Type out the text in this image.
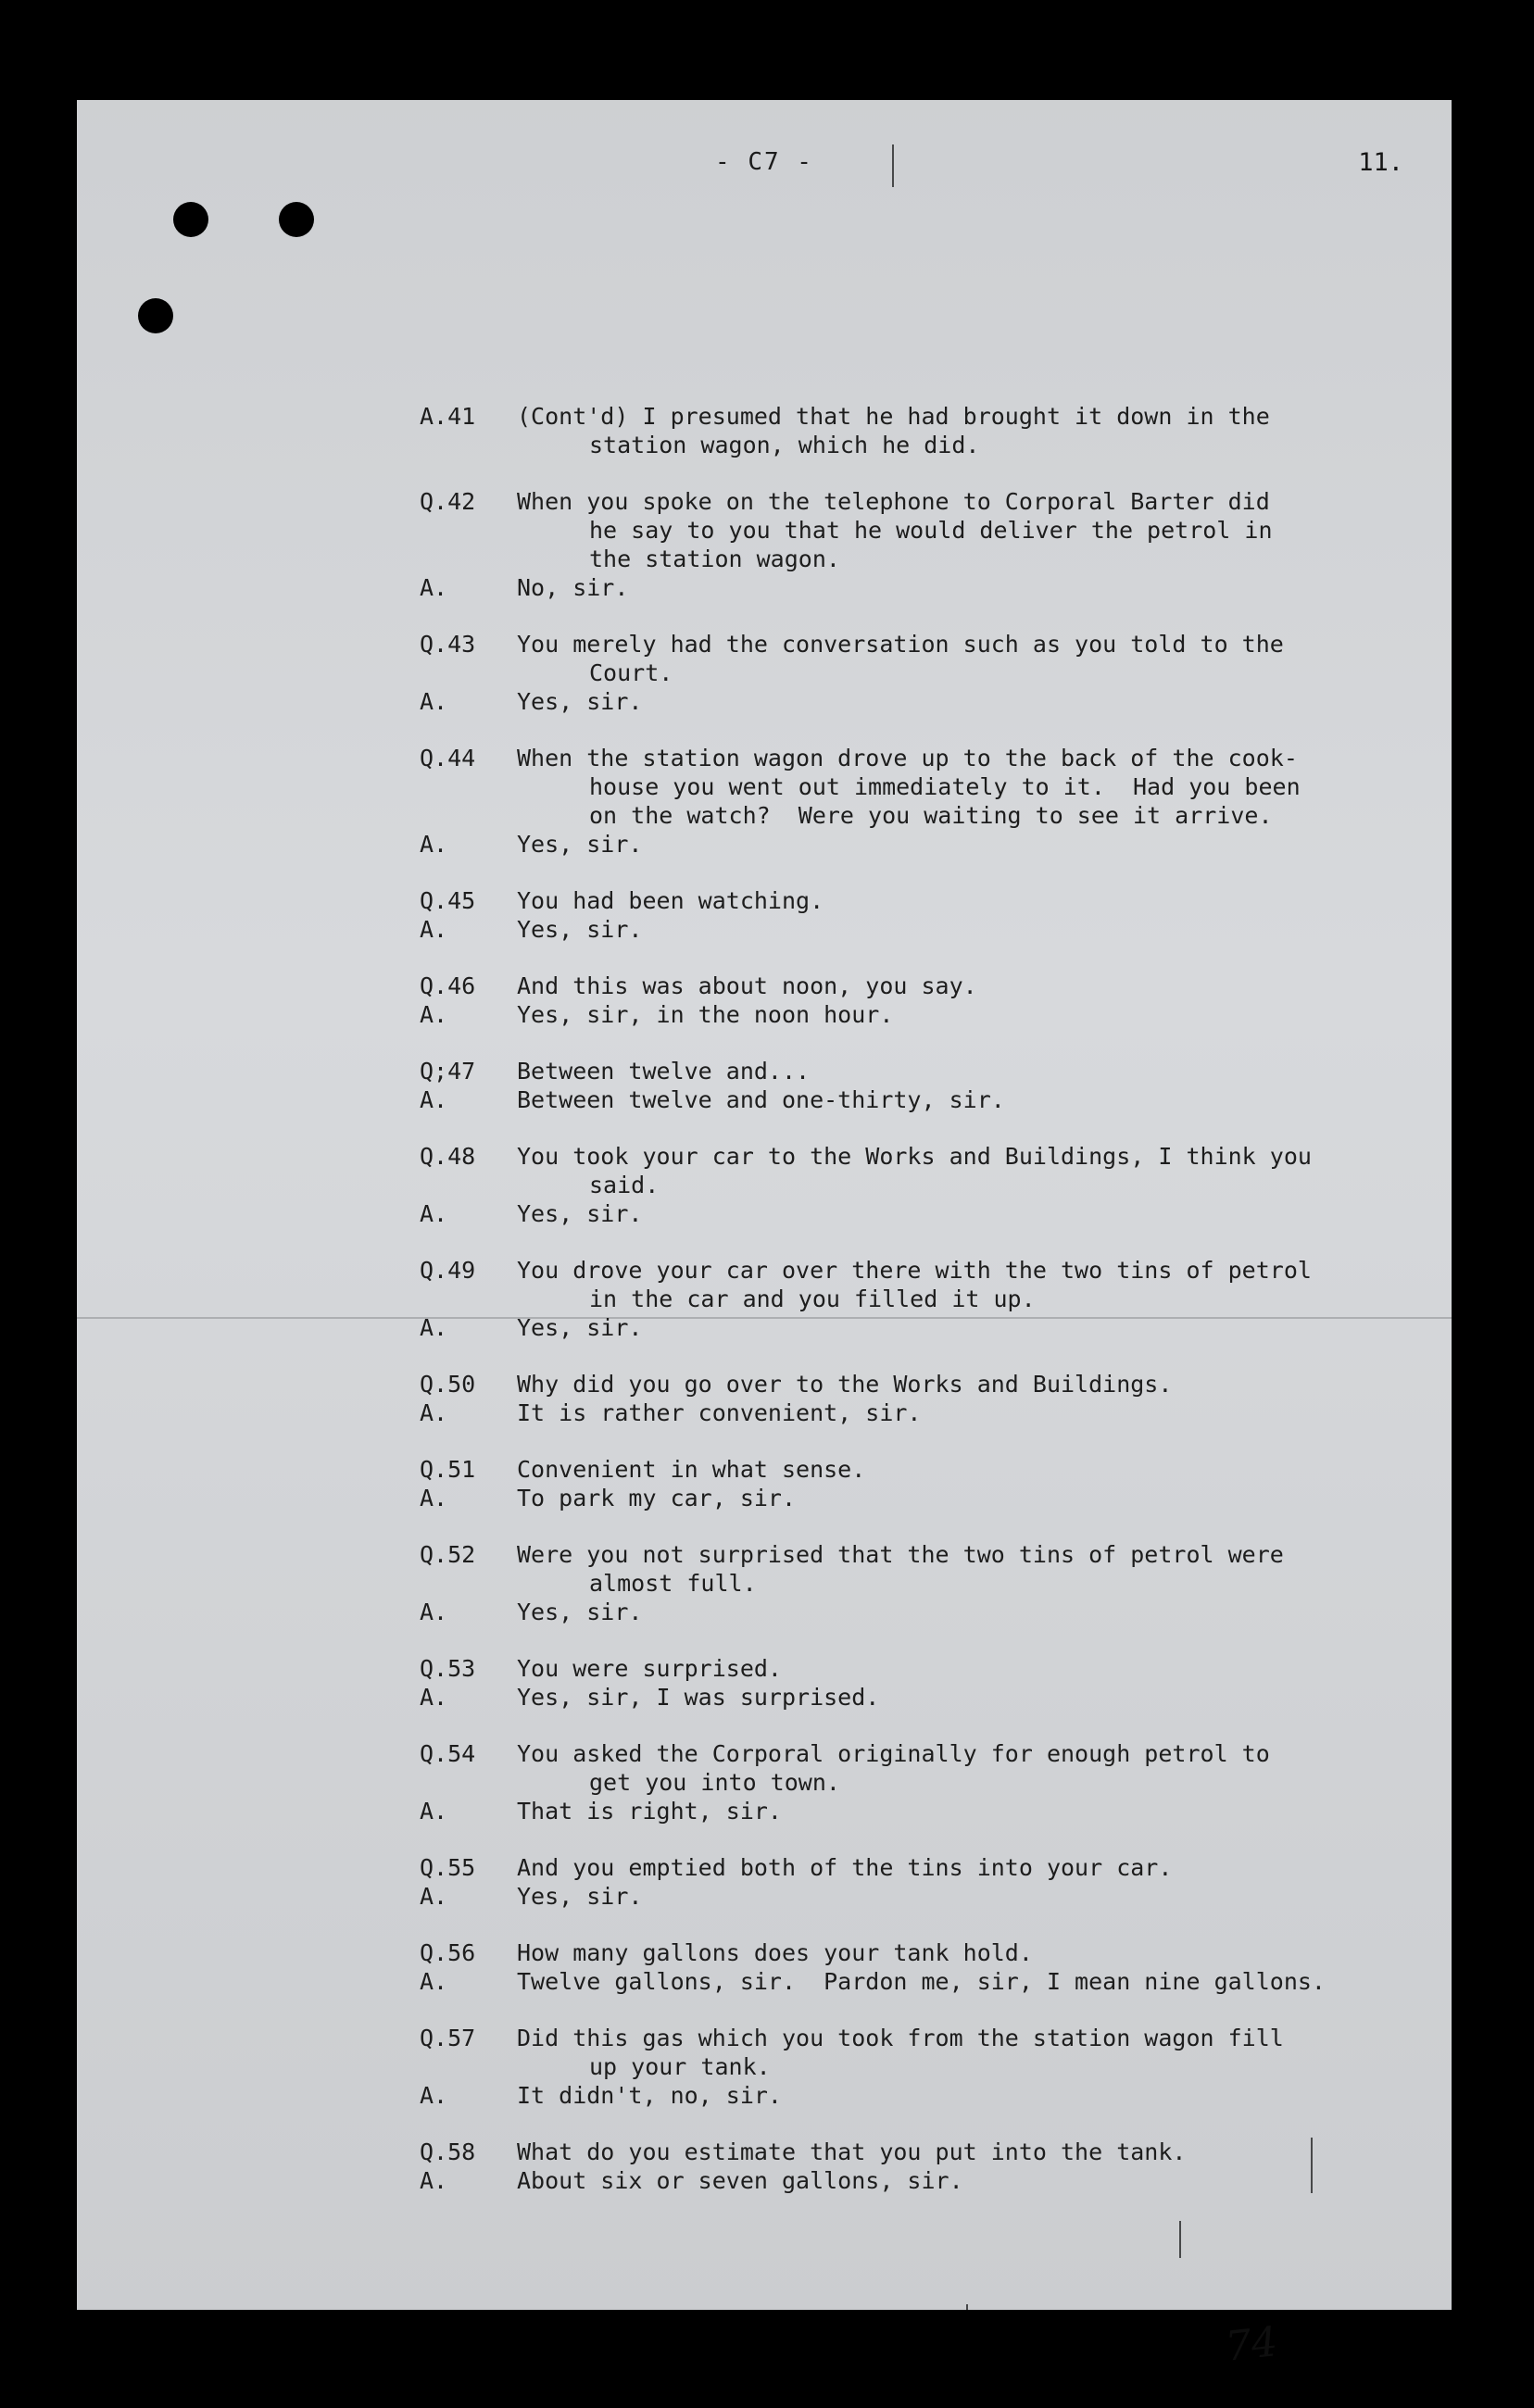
- C7 -	11.
A.41	(Cont'd) I presumed that he had brought it down in the
station wagon, which he did.
Q.42	When you spoke on the telephone to Corporal Barter did
he say to you that he would deliver the petrol in
the station wagon.
A.	No, sir.
Q.43	You merely had the conversation such as you told to the
Court.
A.	Yes, sir.
Q.44	When the station wagon drove up to the back of the cook-
house you went out immediately to it.  Had you been
on the watch?  Were you waiting to see it arrive.
A.	Yes, sir.
Q.45	You had been watching.
A.	Yes, sir.
Q.46	And this was about noon, you say.
A.	Yes, sir, in the noon hour.
Q;47	Between twelve and...
A.	Between twelve and one-thirty, sir.
Q.48	You took your car to the Works and Buildings, I think you
said.
A.	Yes, sir.
Q.49	You drove your car over there with the two tins of petrol
in the car and you filled it up.
A.	Yes, sir.
Q.50	Why did you go over to the Works and Buildings.
A.	It is rather convenient, sir.
Q.51	Convenient in what sense.
A.	To park my car, sir.
Q.52	Were you not surprised that the two tins of petrol were
almost full.
A.	Yes, sir.
Q.53	You were surprised.
A.	Yes, sir, I was surprised.
Q.54	You asked the Corporal originally for enough petrol to
get you into town.
A.	That is right, sir.
Q.55	And you emptied both of the tins into your car.
A.	Yes, sir.
Q.56	How many gallons does your tank hold.
A.	Twelve gallons, sir.  Pardon me, sir, I mean nine gallons.
Q.57	Did this gas which you took from the station wagon fill
up your tank.
A.	It didn't, no, sir.
Q.58	What do you estimate that you put into the tank.
A.	About six or seven gallons, sir.
74
